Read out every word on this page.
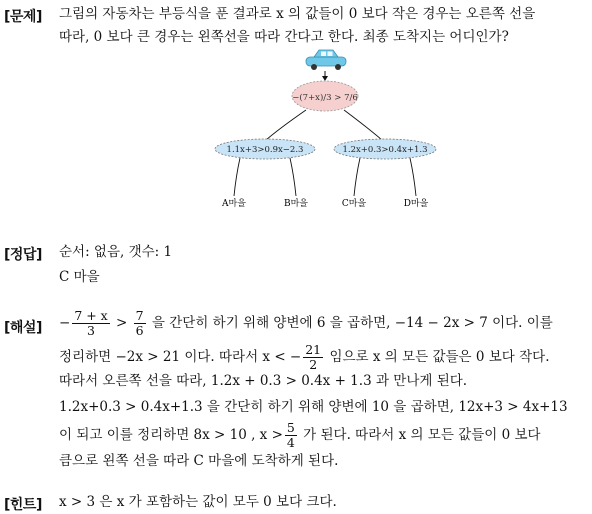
[문제] 그림의 자동차는 부등식을 푼 결과로 x 의 값들이 0 보다 작은 경우는 오른쪽 선을
따라, 0 보다 큰 경우는 왼쪽선을 따라 간다고 한다. 최종 도착지는 어디인가?
−(7+x)/3 > 7/6
1.1x+3>0.9x−2.3	1.2x+0.3>0.4x+1.3
A마을	B마을	C마을	D마을
[정답] 순서: 없음, 갯수: 1
C 마을
[해설] − $\frac{7 + x}{3} > \frac{7}{6}$ 을 간단히 하기 위해 양변에 6 을 곱하면, −14 − 2x > 7 이다. 이를
정리하면 −2x > 21 이다. 따라서 x < − $\frac{21}{2}$ 임으로 x 의 모든 값들은 0 보다 작다.
따라서 오른쪽 선을 따라, 1.2x + 0.3 > 0.4x + 1.3 과 만나게 된다.
1.2x+0.3 > 0.4x+1.3 을 간단히 하기 위해 양변에 10 을 곱하면, 12x+3 > 4x+13
이 되고 이를 정리하면 8x > 10 , $x > \frac{5}{4}$ 가 된다. 따라서 x 의 모든 값들이 0 보다
큼으로 왼쪽 선을 따라 C 마을에 도착하게 된다.
[힌트] x > 3 은 x 가 포함하는 값이 모두 0 보다 크다.
